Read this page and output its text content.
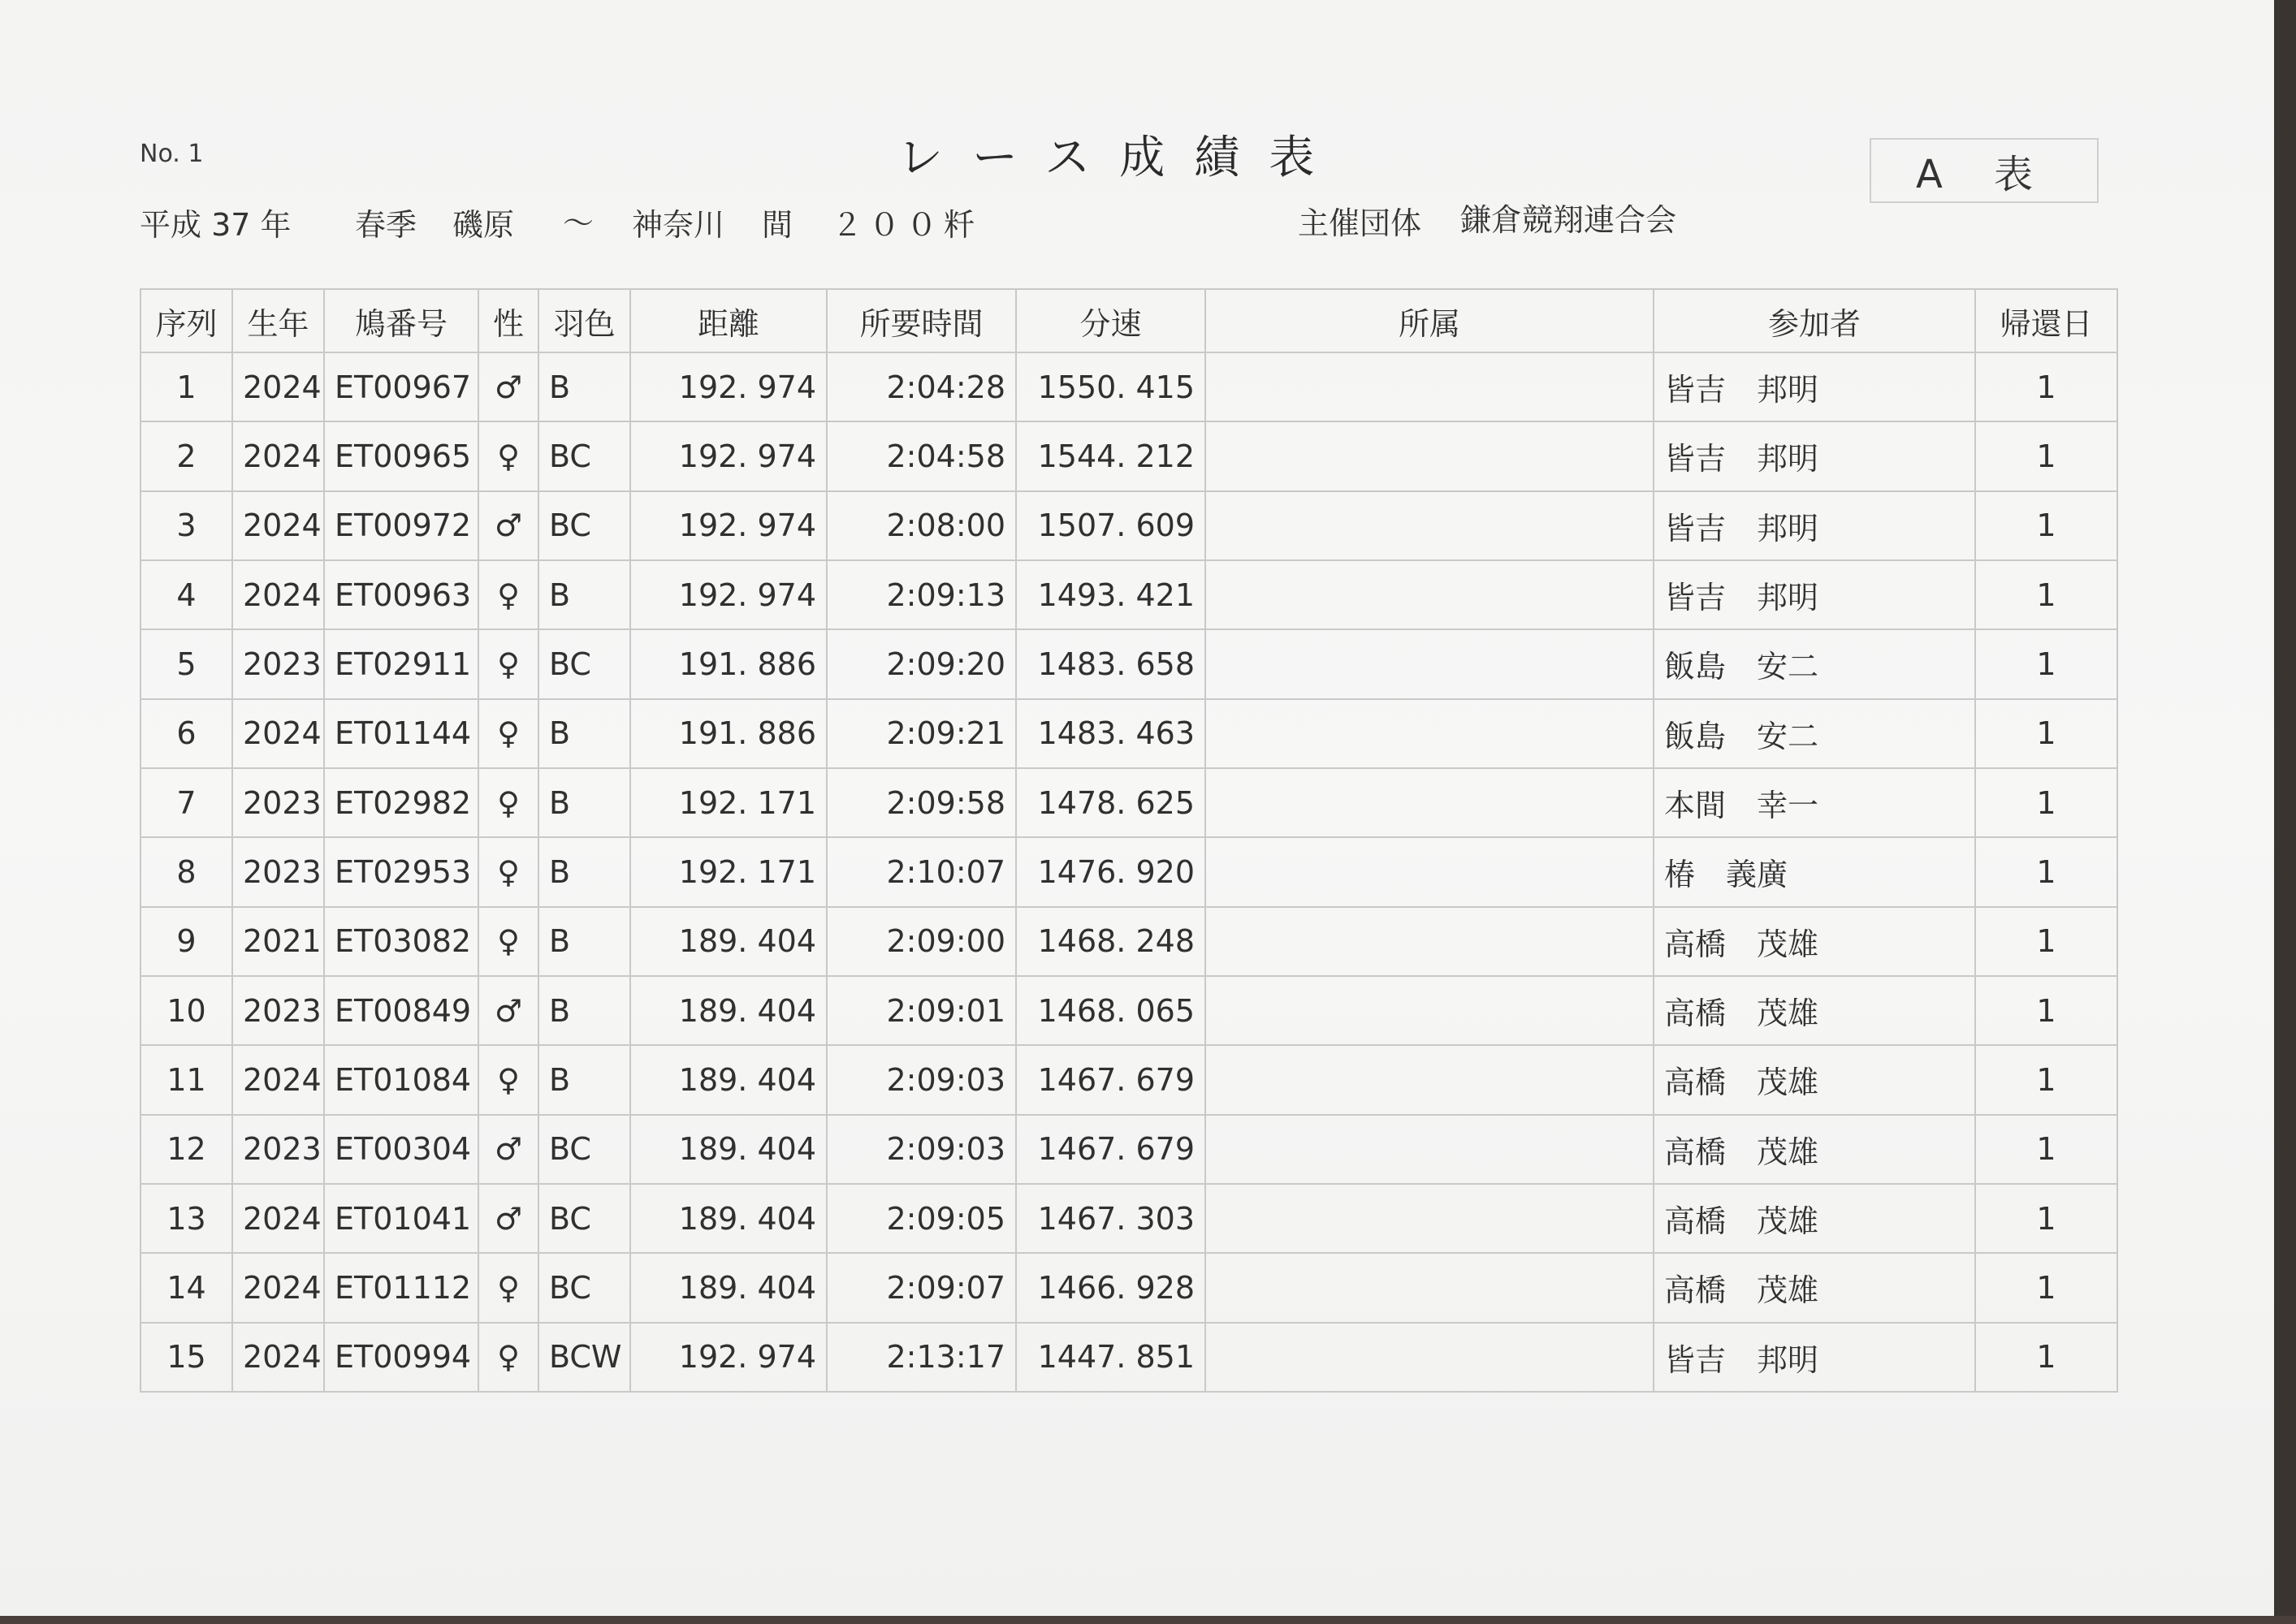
No. 1	レース成績表	A 表
平成 37 年 春季 磯原 ～ 神奈川 間 ２００粁	主催団体 鎌倉競翔連合会
序列	生年	鳩番号	性	羽色	距離	所要時間	分速	所属	参加者	帰還日
1	2024	ET00967	♂	B	192. 974	2:04:28	1550. 415		皆吉　邦明	1
2	2024	ET00965	♀	BC	192. 974	2:04:58	1544. 212		皆吉　邦明	1
3	2024	ET00972	♂	BC	192. 974	2:08:00	1507. 609		皆吉　邦明	1
4	2024	ET00963	♀	B	192. 974	2:09:13	1493. 421		皆吉　邦明	1
5	2023	ET02911	♀	BC	191. 886	2:09:20	1483. 658		飯島　安二	1
6	2024	ET01144	♀	B	191. 886	2:09:21	1483. 463		飯島　安二	1
7	2023	ET02982	♀	B	192. 171	2:09:58	1478. 625		本間　幸一	1
8	2023	ET02953	♀	B	192. 171	2:10:07	1476. 920		椿　義廣	1
9	2021	ET03082	♀	B	189. 404	2:09:00	1468. 248		高橋　茂雄	1
10	2023	ET00849	♂	B	189. 404	2:09:01	1468. 065		高橋　茂雄	1
11	2024	ET01084	♀	B	189. 404	2:09:03	1467. 679		高橋　茂雄	1
12	2023	ET00304	♂	BC	189. 404	2:09:03	1467. 679		高橋　茂雄	1
13	2024	ET01041	♂	BC	189. 404	2:09:05	1467. 303		高橋　茂雄	1
14	2024	ET01112	♀	BC	189. 404	2:09:07	1466. 928		高橋　茂雄	1
15	2024	ET00994	♀	BCW	192. 974	2:13:17	1447. 851		皆吉　邦明	1
